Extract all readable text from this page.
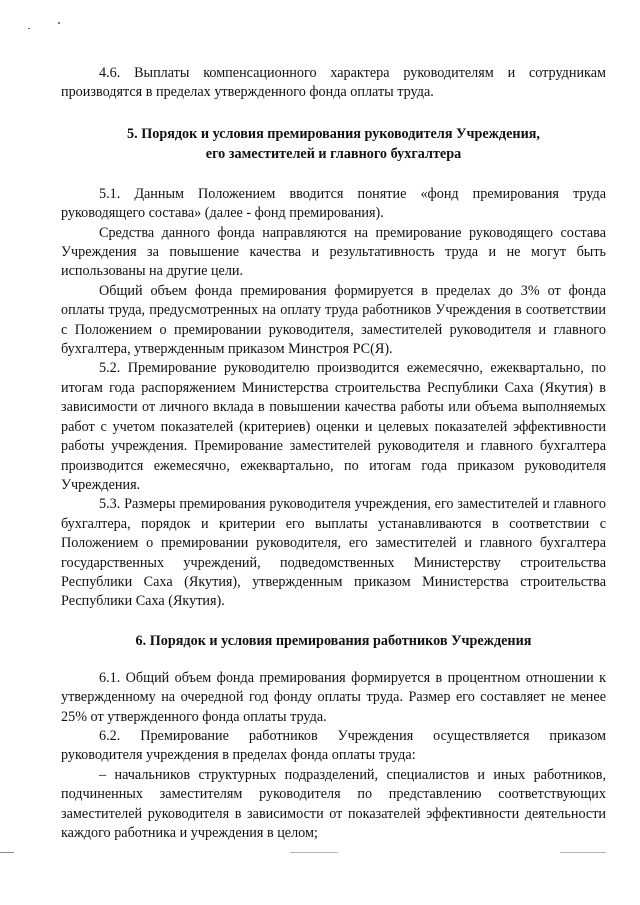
4.6. Выплаты компенсационного характера руководителям и сотрудникам производятся в пределах утвержденного фонда оплаты труда.

5. Порядок и условия премирования руководителя Учреждения,
его заместителей и главного бухгалтера

5.1. Данным Положением вводится понятие «фонд премирования труда руководящего состава» (далее - фонд премирования).

Средства данного фонда направляются на премирование руководящего состава Учреждения за повышение качества и результативность труда и не могут быть использованы на другие цели.

Общий объем фонда премирования формируется в пределах до 3% от фонда оплаты труда, предусмотренных на оплату труда работников Учреждения в соответствии с Положением о премировании руководителя, заместителей руководителя и главного бухгалтера, утвержденным приказом Минстроя РС(Я).

5.2. Премирование руководителю производится ежемесячно, ежеквартально, по итогам года распоряжением Министерства строительства Республики Саха (Якутия) в зависимости от личного вклада в повышении качества работы или объема выполняемых работ с учетом показателей (критериев) оценки и целевых показателей эффективности работы учреждения. Премирование заместителей руководителя и главного бухгалтера производится ежемесячно, ежеквартально, по итогам года приказом руководителя Учреждения.

5.3. Размеры премирования руководителя учреждения, его заместителей и главного бухгалтера, порядок и критерии его выплаты устанавливаются в соответствии с Положением о премировании руководителя, его заместителей и главного бухгалтера государственных учреждений, подведомственных Министерству строительства Республики Саха (Якутия), утвержденным приказом Министерства строительства Республики Саха (Якутия).

6. Порядок и условия премирования работников Учреждения

6.1. Общий объем фонда премирования формируется в процентном отношении к утвержденному на очередной год фонду оплаты труда. Размер его составляет не менее 25% от утвержденного фонда оплаты труда.

6.2. Премирование работников Учреждения осуществляется приказом руководителя учреждения в пределах фонда оплаты труда:

– начальников структурных подразделений, специалистов и иных работников, подчиненных заместителям руководителя по представлению соответствующих заместителей руководителя в зависимости от показателей эффективности деятельности каждого работника и учреждения в целом;
